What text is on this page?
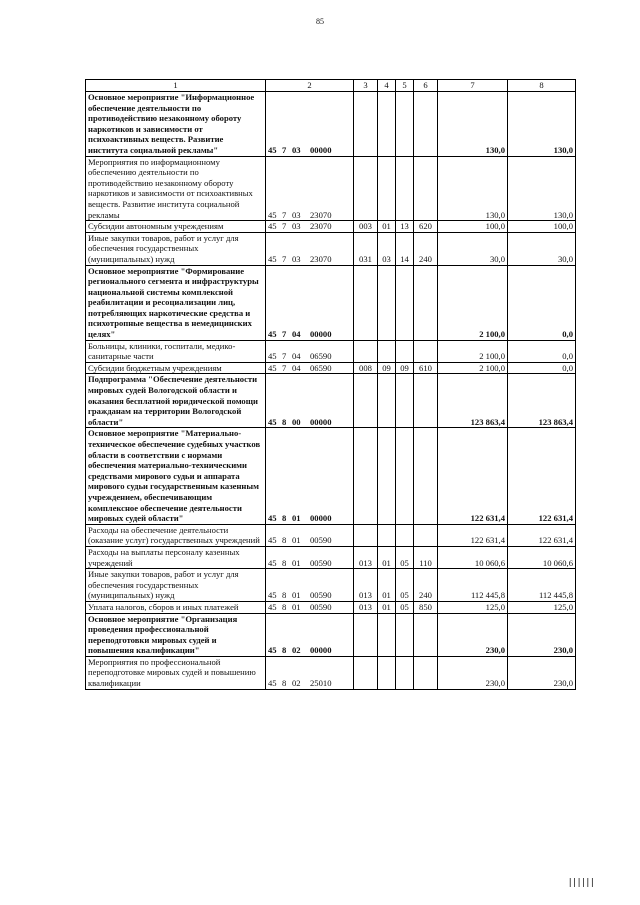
85
1	2	3	4	5	6	7	8
Основное мероприятие "Информационное обеспечение деятельности по противодействию незаконному обороту наркотиков и зависимости от психоактивных веществ. Развитие института социальной рекламы"	45 7 03 00000					130,0	130,0
Мероприятия по информационному обеспечению деятельности по противодействию незаконному обороту наркотиков и зависимости от психоактивных веществ. Развитие института социальной рекламы	45 7 03 23070					130,0	130,0
Субсидии автономным учреждениям	45 7 03 23070	003	01	13	620	100,0	100,0
Иные закупки товаров, работ и услуг для обеспечения государственных (муниципальных) нужд	45 7 03 23070	031	03	14	240	30,0	30,0
Основное мероприятие "Формирование регионального сегмента и инфраструктуры национальной системы комплексной реабилитации и ресоциализации лиц, потребляющих наркотические средства и психотропные вещества в немедицинских целях"	45 7 04 00000					2 100,0	0,0
Больницы, клиники, госпитали, медико-санитарные части	45 7 04 06590					2 100,0	0,0
Субсидии бюджетным учреждениям	45 7 04 06590	008	09	09	610	2 100,0	0,0
Подпрограмма "Обеспечение деятельности мировых судей Вологодской области и оказания бесплатной юридической помощи гражданам на территории Вологодской области"	45 8 00 00000					123 863,4	123 863,4
Основное мероприятие "Материально-техническое обеспечение судебных участков области в соответствии с нормами обеспечения материально-техническими средствами мирового судьи и аппарата мирового судьи государственным казенным учреждением, обеспечивающим комплексное обеспечение деятельности мировых судей области"	45 8 01 00000					122 631,4	122 631,4
Расходы на обеспечение деятельности (оказание услуг) государственных учреждений	45 8 01 00590					122 631,4	122 631,4
Расходы на выплаты персоналу казенных учреждений	45 8 01 00590	013	01	05	110	10 060,6	10 060,6
Иные закупки товаров, работ и услуг для обеспечения государственных (муниципальных) нужд	45 8 01 00590	013	01	05	240	112 445,8	112 445,8
Уплата налогов, сборов и иных платежей	45 8 01 00590	013	01	05	850	125,0	125,0
Основное мероприятие "Организация проведения профессиональной переподготовки мировых судей и повышения квалификации"	45 8 02 00000					230,0	230,0
Мероприятия по профессиональной переподготовке мировых судей и повышению квалификации	45 8 02 25010					230,0	230,0
||||||
